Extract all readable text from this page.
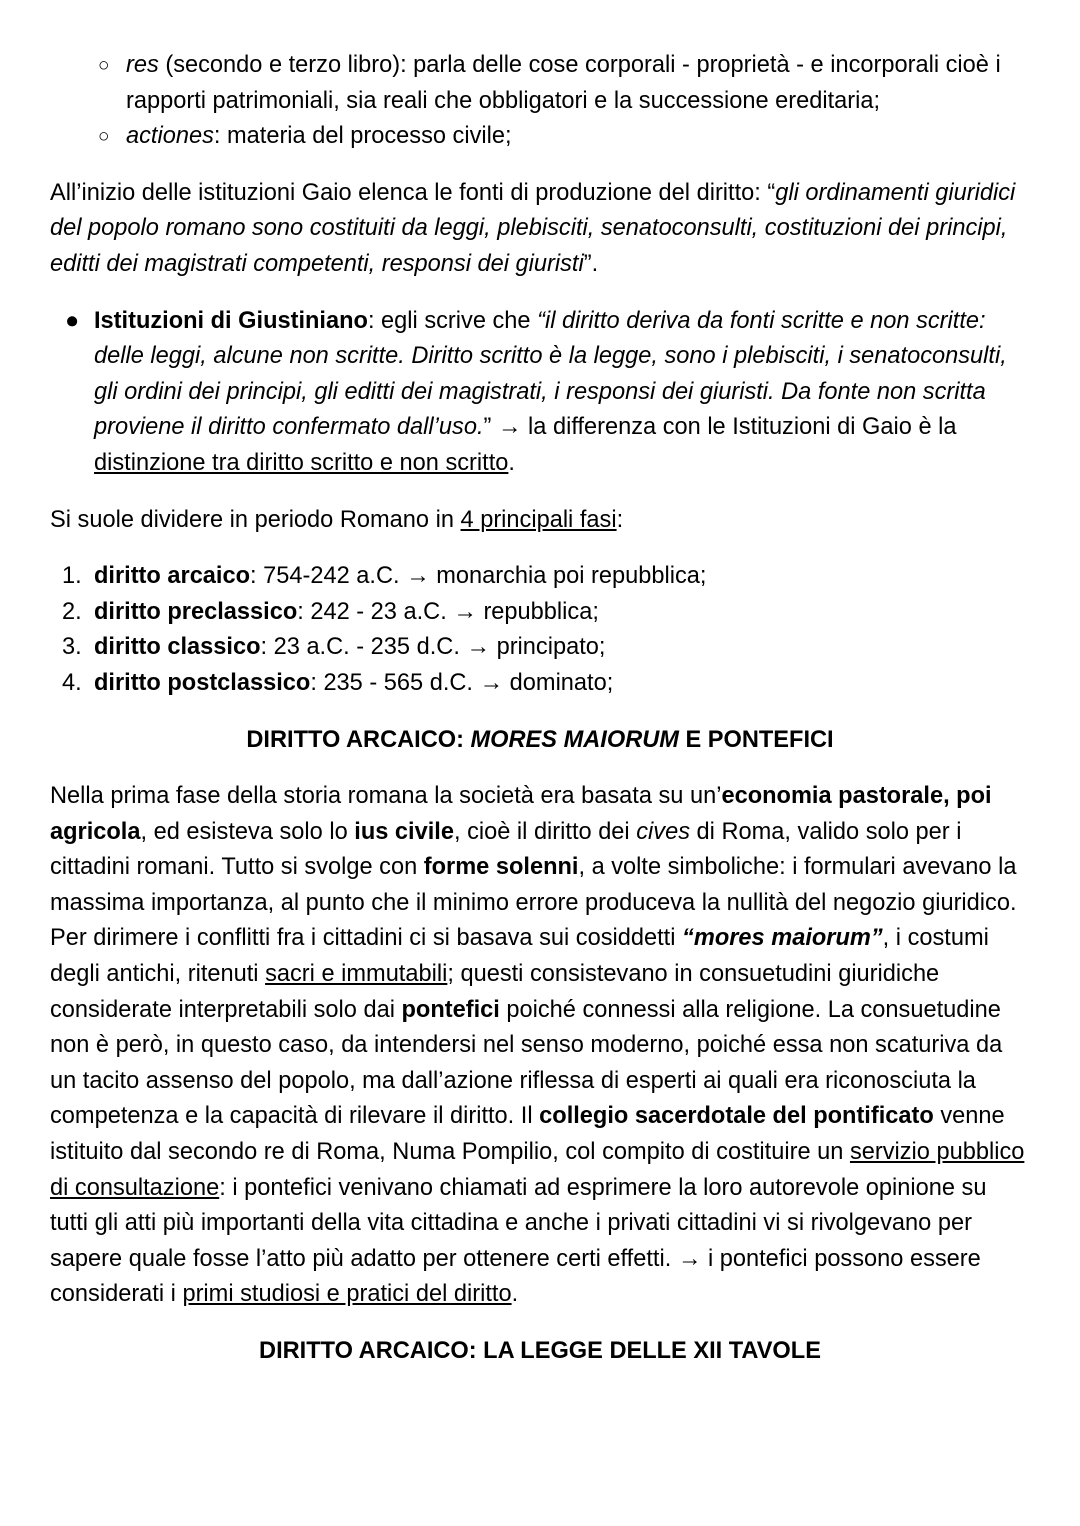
○ res (secondo e terzo libro): parla delle cose corporali - proprietà - e incorporali cioè i rapporti patrimoniali, sia reali che obbligatori e la successione ereditaria;
○ actiones: materia del processo civile;

All’inizio delle istituzioni Gaio elenca le fonti di produzione del diritto: “gli ordinamenti giuridici del popolo romano sono costituiti da leggi, plebisciti, senatoconsulti, costituzioni dei principi, editti dei magistrati competenti, responsi dei giuristi”.

● Istituzioni di Giustiniano: egli scrive che “il diritto deriva da fonti scritte e non scritte: delle leggi, alcune non scritte. Diritto scritto è la legge, sono i plebisciti, i senatoconsulti, gli ordini dei principi, gli editti dei magistrati, i responsi dei giuristi. Da fonte non scritta proviene il diritto confermato dall’uso.” → la differenza con le Istituzioni di Gaio è la distinzione tra diritto scritto e non scritto.

Si suole dividere in periodo Romano in 4 principali fasi:

1. diritto arcaico: 754-242 a.C. → monarchia poi repubblica;
2. diritto preclassico: 242 - 23 a.C. → repubblica;
3. diritto classico: 23 a.C. - 235 d.C. → principato;
4. diritto postclassico: 235 - 565 d.C. → dominato;
DIRITTO ARCAICO: MORES MAIORUM E PONTEFICI

Nella prima fase della storia romana la società era basata su un’economia pastorale, poi agricola, ed esisteva solo lo ius civile, cioè il diritto dei cives di Roma, valido solo per i cittadini romani. Tutto si svolge con forme solenni, a volte simboliche: i formulari avevano la massima importanza, al punto che il minimo errore produceva la nullità del negozio giuridico. Per dirimere i conflitti fra i cittadini ci si basava sui cosiddetti “mores maiorum”, i costumi degli antichi, ritenuti sacri e immutabili; questi consistevano in consuetudini giuridiche considerate interpretabili solo dai pontefici poiché connessi alla religione. La consuetudine non è però, in questo caso, da intendersi nel senso moderno, poiché essa non scaturiva da un tacito assenso del popolo, ma dall’azione riflessa di esperti ai quali era riconosciuta la competenza e la capacità di rilevare il diritto. Il collegio sacerdotale del pontificato venne istituito dal secondo re di Roma, Numa Pompilio, col compito di costituire un servizio pubblico di consultazione: i pontefici venivano chiamati ad esprimere la loro autorevole opinione su tutti gli atti più importanti della vita cittadina e anche i privati cittadini vi si rivolgevano per sapere quale fosse l’atto più adatto per ottenere certi effetti. → i pontefici possono essere considerati i primi studiosi e pratici del diritto.

DIRITTO ARCAICO: LA LEGGE DELLE XII TAVOLE
